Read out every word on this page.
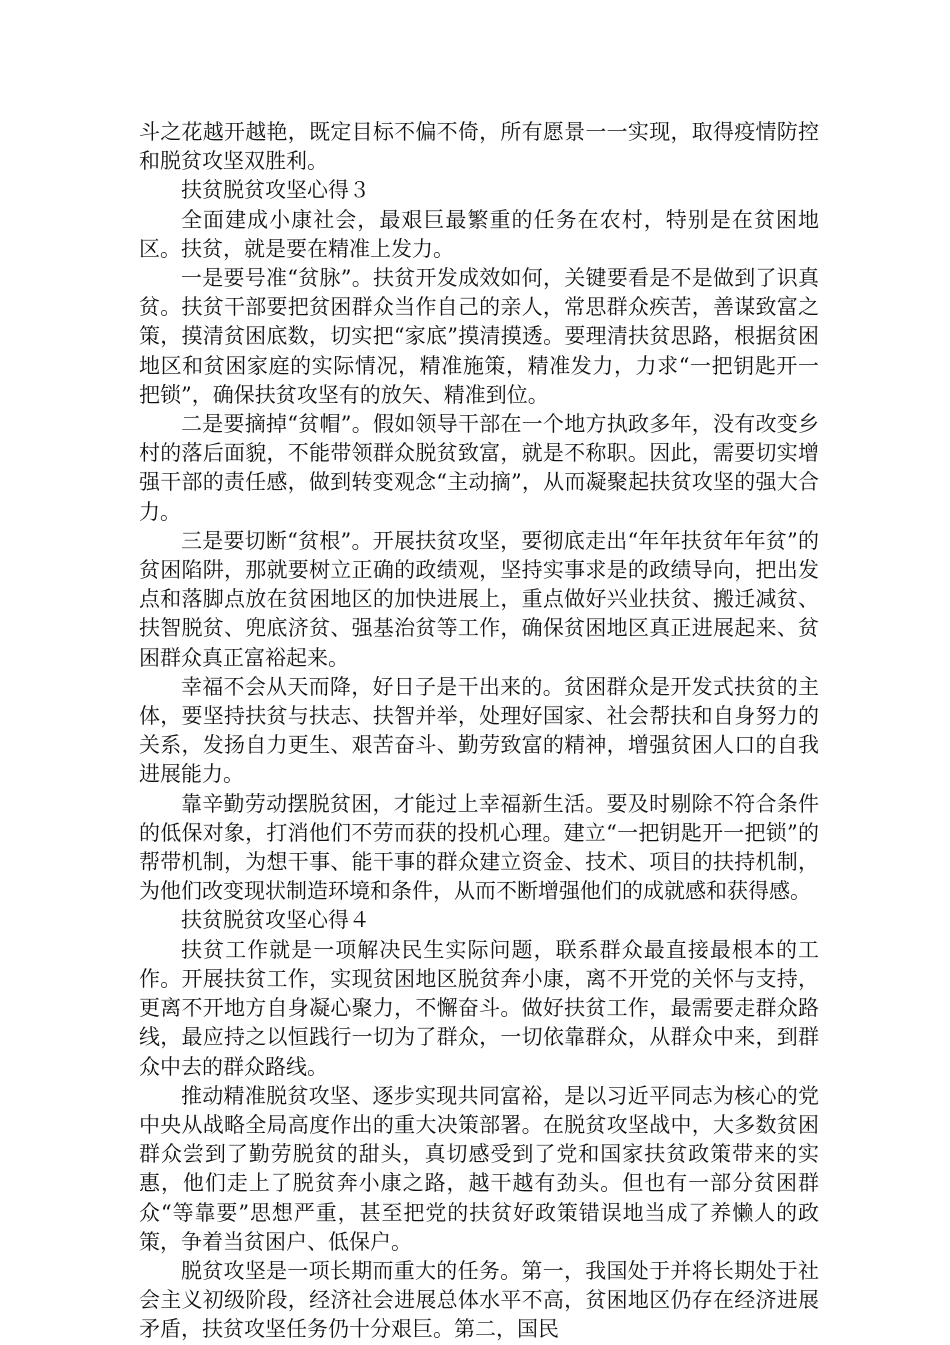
斗之花越开越艳，既定目标不偏不倚，所有愿景一一实现，取得疫情防控和脱贫攻坚双胜利。

扶贫脱贫攻坚心得３

全面建成小康社会，最艰巨最繁重的任务在农村，特别是在贫困地区。扶贫，就是要在精准上发力。

一是要号准“贫脉”。扶贫开发成效如何，关键要看是不是做到了识真贫。扶贫干部要把贫困群众当作自己的亲人，常思群众疾苦，善谋致富之策，摸清贫困底数，切实把“家底”摸清摸透。要理清扶贫思路，根据贫困地区和贫困家庭的实际情况，精准施策，精准发力，力求“一把钥匙开一把锁”，确保扶贫攻坚有的放矢、精准到位。

二是要摘掉“贫帽”。假如领导干部在一个地方执政多年，没有改变乡村的落后面貌，不能带领群众脱贫致富，就是不称职。因此，需要切实增强干部的责任感，做到转变观念“主动摘”，从而凝聚起扶贫攻坚的强大合力。

三是要切断“贫根”。开展扶贫攻坚，要彻底走出“年年扶贫年年贫”的贫困陷阱，那就要树立正确的政绩观，坚持实事求是的政绩导向，把出发点和落脚点放在贫困地区的加快进展上，重点做好兴业扶贫、搬迁减贫、扶智脱贫、兜底济贫、强基治贫等工作，确保贫困地区真正进展起来、贫困群众真正富裕起来。

幸福不会从天而降，好日子是干出来的。贫困群众是开发式扶贫的主体，要坚持扶贫与扶志、扶智并举，处理好国家、社会帮扶和自身努力的关系，发扬自力更生、艰苦奋斗、勤劳致富的精神，增强贫困人口的自我进展能力。

靠辛勤劳动摆脱贫困，才能过上幸福新生活。要及时剔除不符合条件的低保对象，打消他们不劳而获的投机心理。建立“一把钥匙开一把锁”的帮带机制，为想干事、能干事的群众建立资金、技术、项目的扶持机制，为他们改变现状制造环境和条件，从而不断增强他们的成就感和获得感。

扶贫脱贫攻坚心得４

扶贫工作就是一项解决民生实际问题，联系群众最直接最根本的工作。开展扶贫工作，实现贫困地区脱贫奔小康，离不开党的关怀与支持，更离不开地方自身凝心聚力，不懈奋斗。做好扶贫工作，最需要走群众路线，最应持之以恒践行一切为了群众，一切依靠群众，从群众中来，到群众中去的群众路线。

推动精准脱贫攻坚、逐步实现共同富裕，是以习近平同志为核心的党中央从战略全局高度作出的重大决策部署。在脱贫攻坚战中，大多数贫困群众尝到了勤劳脱贫的甜头，真切感受到了党和国家扶贫政策带来的实惠，他们走上了脱贫奔小康之路，越干越有劲头。但也有一部分贫困群众“等靠要”思想严重，甚至把党的扶贫好政策错误地当成了养懒人的政策，争着当贫困户、低保户。

脱贫攻坚是一项长期而重大的任务。第一，我国处于并将长期处于社会主义初级阶段，经济社会进展总体水平不高，贫困地区仍存在经济进展矛盾，扶贫攻坚任务仍十分艰巨。第二，国民
